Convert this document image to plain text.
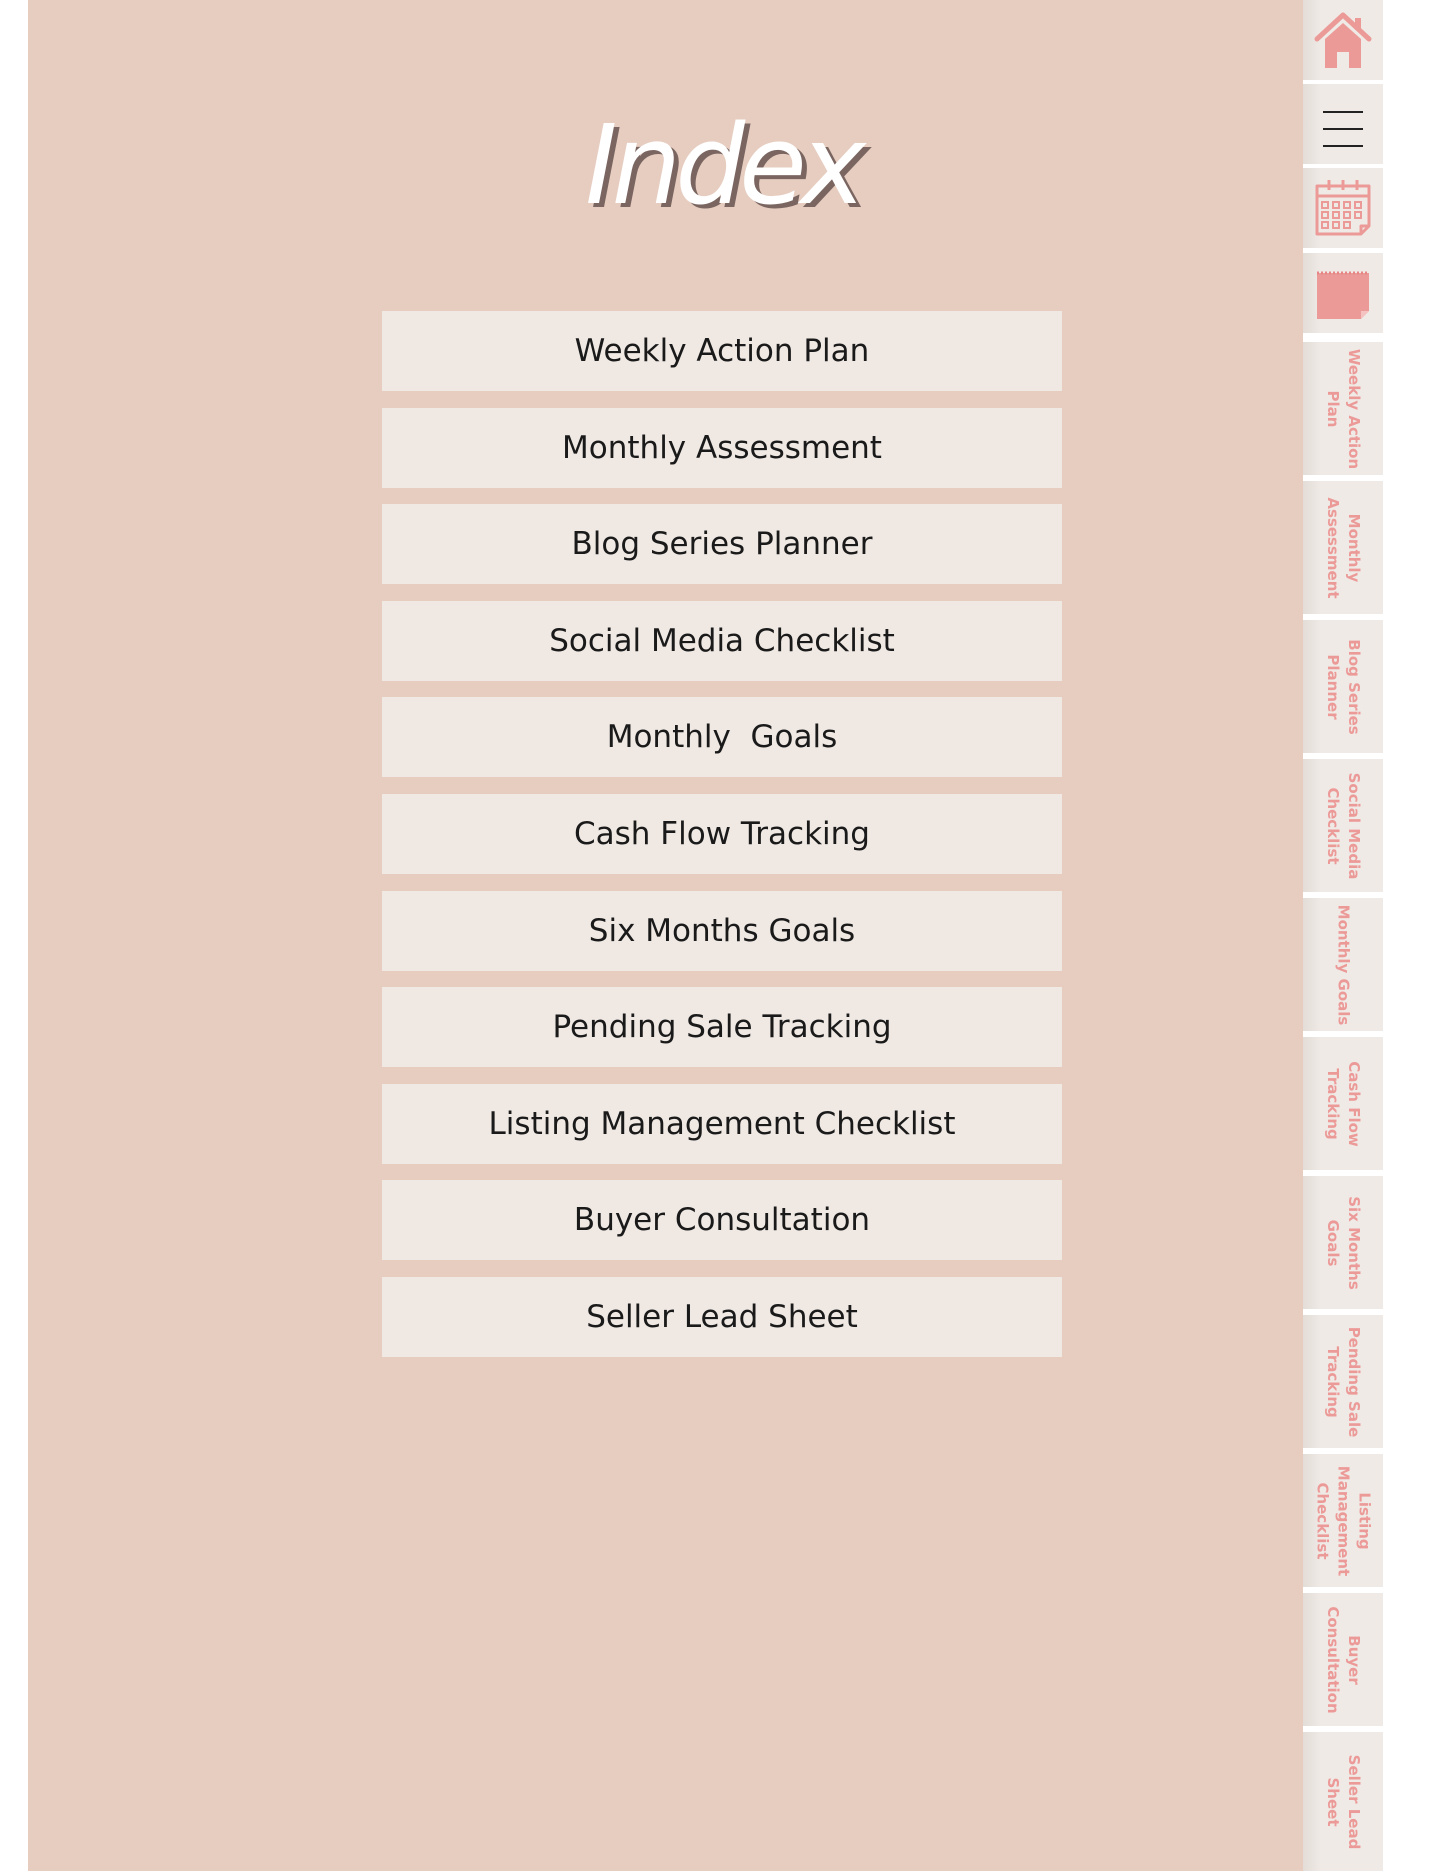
Index
Weekly Action Plan
Monthly Assessment
Blog Series Planner
Social Media Checklist
Monthly  Goals
Cash Flow Tracking
Six Months Goals
Pending Sale Tracking
Listing Management Checklist
Buyer Consultation
Seller Lead Sheet
Weekly Action Plan
Monthly Assessment
Blog Series Planner
Social Media Checklist
Monthly Goals
Cash Flow Tracking
Six Months Goals
Pending Sale Tracking
Listing Management Checklist
Buyer Consultation
Seller Lead Sheet
